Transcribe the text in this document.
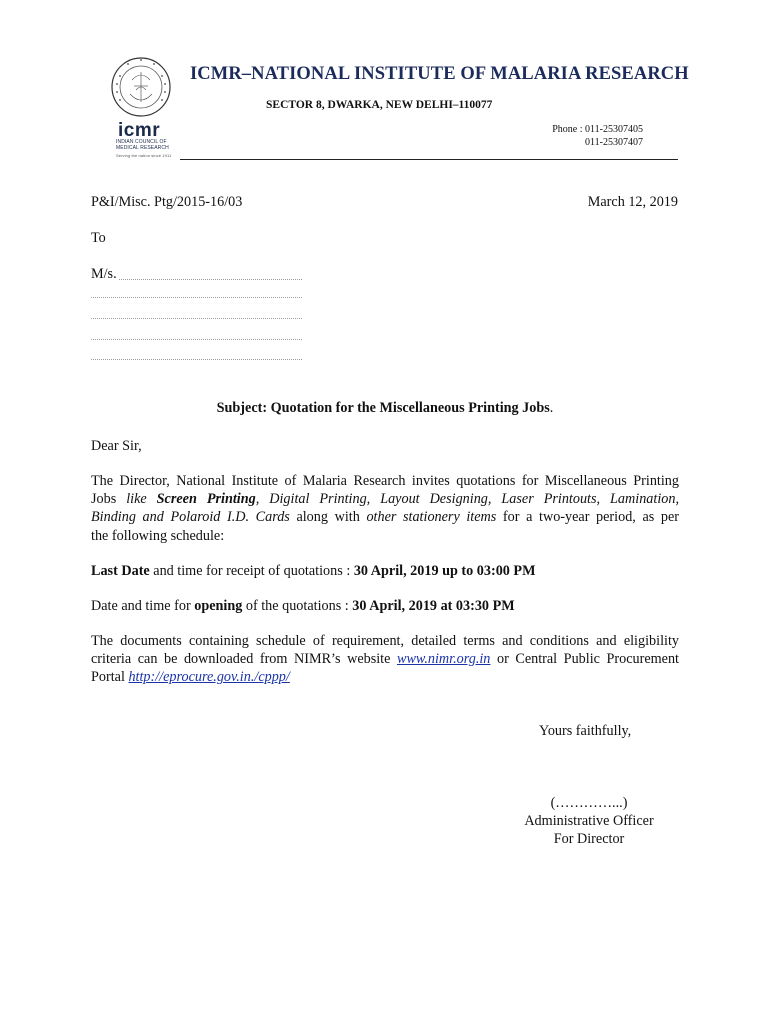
icmr
INDIAN COUNCIL OF
MEDICAL RESEARCH
Serving the nation since 1911
ICMR–NATIONAL INSTITUTE OF MALARIA RESEARCH
SECTOR 8, DWARKA, NEW DELHI–110077
Phone : 011-25307405
011-25307407
P&I/Misc. Ptg/2015-16/03	March 12, 2019
To
M/s.
Subject: Quotation for the Miscellaneous Printing Jobs.
Dear Sir,
The Director, National Institute of Malaria Research invites quotations for Miscellaneous Printing
Jobs like Screen Printing, Digital Printing, Layout Designing, Laser Printouts, Lamination,
Binding and Polaroid I.D. Cards along with other stationery items for a two-year period, as per
the following schedule:
Last Date and time for receipt of quotations : 30 April, 2019 up to 03:00 PM
Date and time for opening of the quotations : 30 April, 2019 at 03:30 PM
The documents containing schedule of requirement, detailed terms and conditions and eligibility
criteria can be downloaded from NIMR’s website www.nimr.org.in or Central Public Procurement
Portal http://eprocure.gov.in./cppp/
Yours faithfully,
(…………...)
Administrative Officer
For Director
